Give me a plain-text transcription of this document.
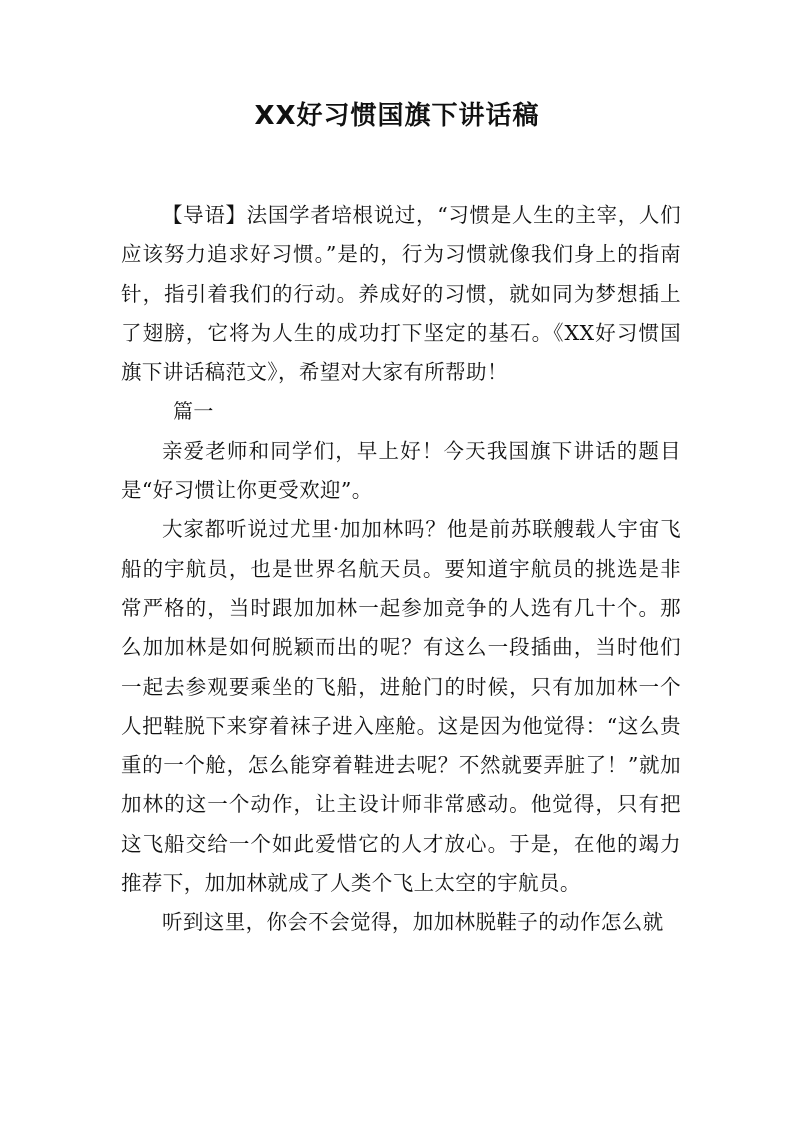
XX好习惯国旗下讲话稿

【导语】法国学者培根说过，“习惯是人生的主宰，人们应该努力追求好习惯。”是的，行为习惯就像我们身上的指南针，指引着我们的行动。养成好的习惯，就如同为梦想插上了翅膀，它将为人生的成功打下坚定的基石。《XX好习惯国旗下讲话稿范文》，希望对大家有所帮助！

篇一

亲爱老师和同学们，早上好！今天我国旗下讲话的题目是“好习惯让你更受欢迎”。

大家都听说过尤里·加加林吗？他是前苏联艘载人宇宙飞船的宇航员，也是世界名航天员。要知道宇航员的挑选是非常严格的，当时跟加加林一起参加竞争的人选有几十个。那么加加林是如何脱颖而出的呢？有这么一段插曲，当时他们一起去参观要乘坐的飞船，进舱门的时候，只有加加林一个人把鞋脱下来穿着袜子进入座舱。这是因为他觉得：“这么贵重的一个舱，怎么能穿着鞋进去呢？不然就要弄脏了！”就加加林的这一个动作，让主设计师非常感动。他觉得，只有把这飞船交给一个如此爱惜它的人才放心。于是，在他的竭力推荐下，加加林就成了人类个飞上太空的宇航员。

听到这里，你会不会觉得，加加林脱鞋子的动作怎么就
